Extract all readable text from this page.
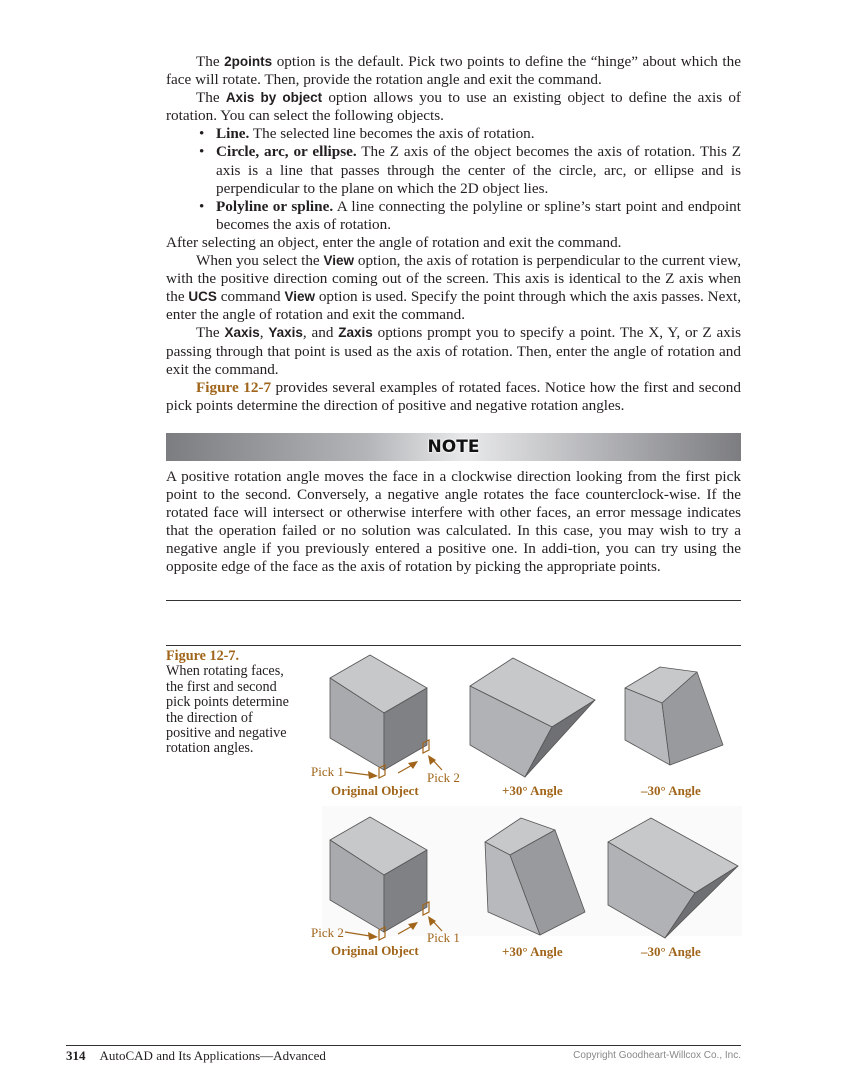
The 2points option is the default. Pick two points to define the “hinge” about which the face will rotate. Then, provide the rotation angle and exit the command.

The Axis by object option allows you to use an existing object to define the axis of rotation. You can select the following objects.

• Line. The selected line becomes the axis of rotation.
• Circle, arc, or ellipse. The Z axis of the object becomes the axis of rotation. This Z axis is a line that passes through the center of the circle, arc, or ellipse and is perpendicular to the plane on which the 2D object lies.
• Polyline or spline. A line connecting the polyline or spline’s start point and endpoint becomes the axis of rotation.

After selecting an object, enter the angle of rotation and exit the command.

When you select the View option, the axis of rotation is perpendicular to the current view, with the positive direction coming out of the screen. This axis is identical to the Z axis when the UCS command View option is used. Specify the point through which the axis passes. Next, enter the angle of rotation and exit the command.

The Xaxis, Yaxis, and Zaxis options prompt you to specify a point. The X, Y, or Z axis passing through that point is used as the axis of rotation. Then, enter the angle of rotation and exit the command.

Figure 12-7 provides several examples of rotated faces. Notice how the first and second pick points determine the direction of positive and negative rotation angles.

NOTE

A positive rotation angle moves the face in a clockwise direction looking from the first pick point to the second. Conversely, a negative angle rotates the face counterclock-wise. If the rotated face will intersect or otherwise interfere with other faces, an error message indicates that the operation failed or no solution was calculated. In this case, you may wish to try a negative angle if you previously entered a positive one. In addi-tion, you can try using the opposite edge of the face as the axis of rotation by picking the appropriate points.

Figure 12-7.
When rotating faces, the first and second pick points determine the direction of positive and negative rotation angles.
Pick 1	Pick 2
Original Object	+30° Angle	–30° Angle
Pick 2	Pick 1
Original Object	+30° Angle	–30° Angle
314 AutoCAD and Its Applications—Advanced	Copyright Goodheart-Willcox Co., Inc.
